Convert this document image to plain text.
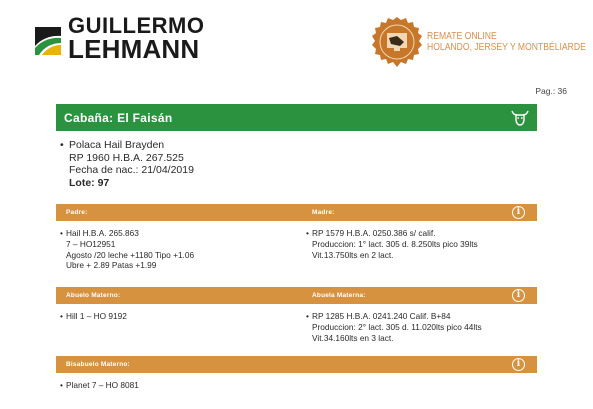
GUILLERMO
LEHMANN	REMATE ONLINE
HOLANDO, JERSEY Y MONTBÉLIARDE
Pag.: 36
Cabaña: El Faisán
• Polaca Hail Brayden
RP 1960 H.B.A. 267.525
Fecha de nac.: 21/04/2019
Lote: 97
Padre:	Madre:	i
• Hail H.B.A. 265.863
7 – HO12951
Agosto /20 leche +1180 Tipo +1.06
Ubre + 2.89 Patas +1.99
• RP 1579 H.B.A. 0250.386 s/ calif.
Produccion: 1° lact. 305 d. 8.250lts pico 39lts
Vit.13.750lts en 2 lact.
Abuelo Materno:	Abuela Materna:	i
• Hill 1 – HO 9192	• RP 1285 H.B.A. 0241.240 Calif. B+84
Produccion: 2° lact. 305 d. 11.020lts pico 44lts
Vit.34.160lts en 3 lact.
Bisabuelo Materno:	i
• Planet 7 – HO 8081
